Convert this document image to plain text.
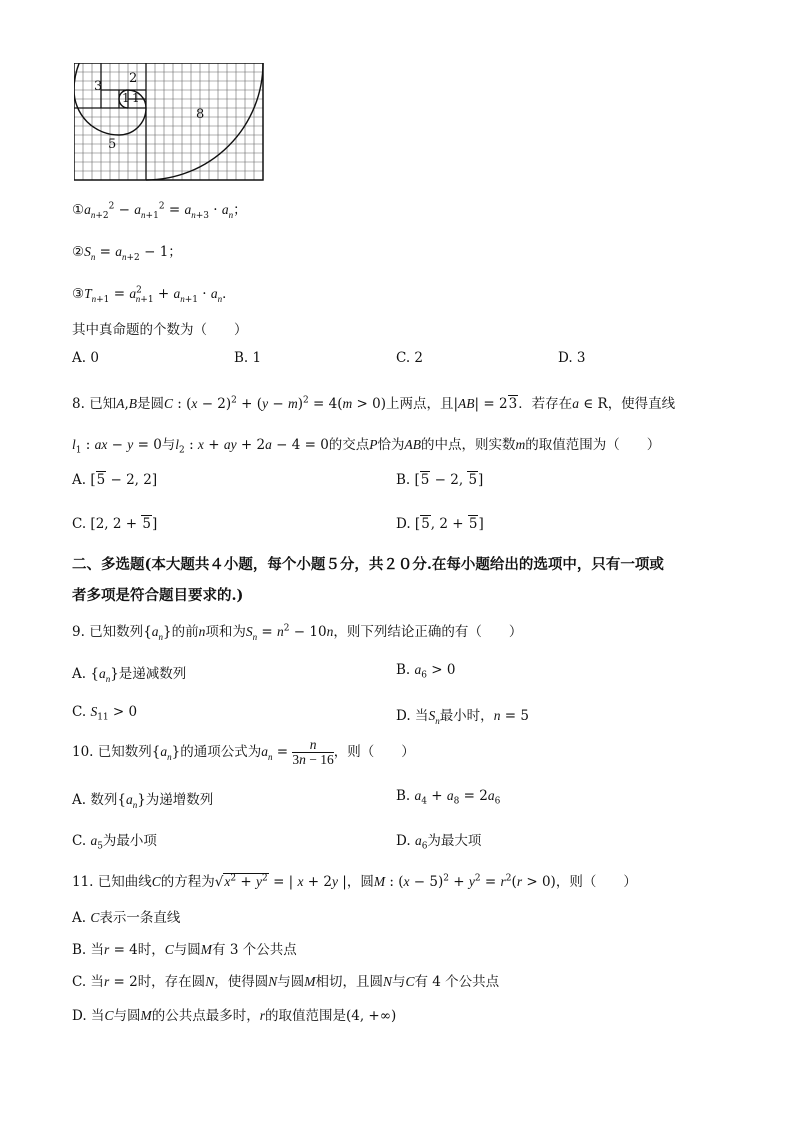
3
2
1 1
8
5
$①a_{n+2}^2 - a_{n+1}^2 = a_{n+3} \cdot a_n$；
$②S_n = a_{n+2} - 1$；
$③T_{n+1} = a^2_{n+1} + a_{n+1} \cdot a_n$．
其中真命题的个数为（　　）
A. 0	B. 1	C. 2	D. 3
8. 已知A,B是圆C : $(x - 2)^2 + (y - m)^2 = 4(m > 0)$上两点，且|AB| = 23．若存在a ∈ R，使得直线
$l_1$ : ax − y = 0与$l_2$ : x + ay + 2a − 4 = 0的交点P恰为AB的中点，则实数m的取值范围为（　　）
A. [5 − 2, 2]	B. [5 − 2, 5]
C. [2, 2 + 5]	D. [5, 2 + 5]
二、多选题(本大题共４小题，每个小题５分，共２０分.在每小题给出的选项中，只有一项或
者多项是符合题目要求的.)
9. 已知数列$\{a_n\}$的前n项和为$S_n = n^2 - 10n$，则下列结论正确的有（　　）
A. $\{a_n\}$是递减数列	B. $a_6 > 0$
C. $S_{11} > 0$	D. 当$S_n$最小时，n = 5
10. 已知数列$\{a_n\}$的通项公式为$a_n = \frac{n}{3n - 16}$ ，则（　　）
A. 数列$\{a_n\}$为递增数列	B. $a_4 + a_8 = 2a_6$
C. $a_5$为最小项	D. $a_6$为最大项
11. 已知曲线C的方程为$√x^2 + y^2$ = | x + 2y |，圆M : $(x - 5)^2 + y^2 = r^2(r > 0)$，则（　　）
A. C表示一条直线
B. 当r = 4时，C与圆M有 3 个公共点
C. 当r = 2时，存在圆N，使得圆N与圆M相切，且圆N与C有 4 个公共点
D. 当C与圆M的公共点最多时，r的取值范围是(4, +∞)
